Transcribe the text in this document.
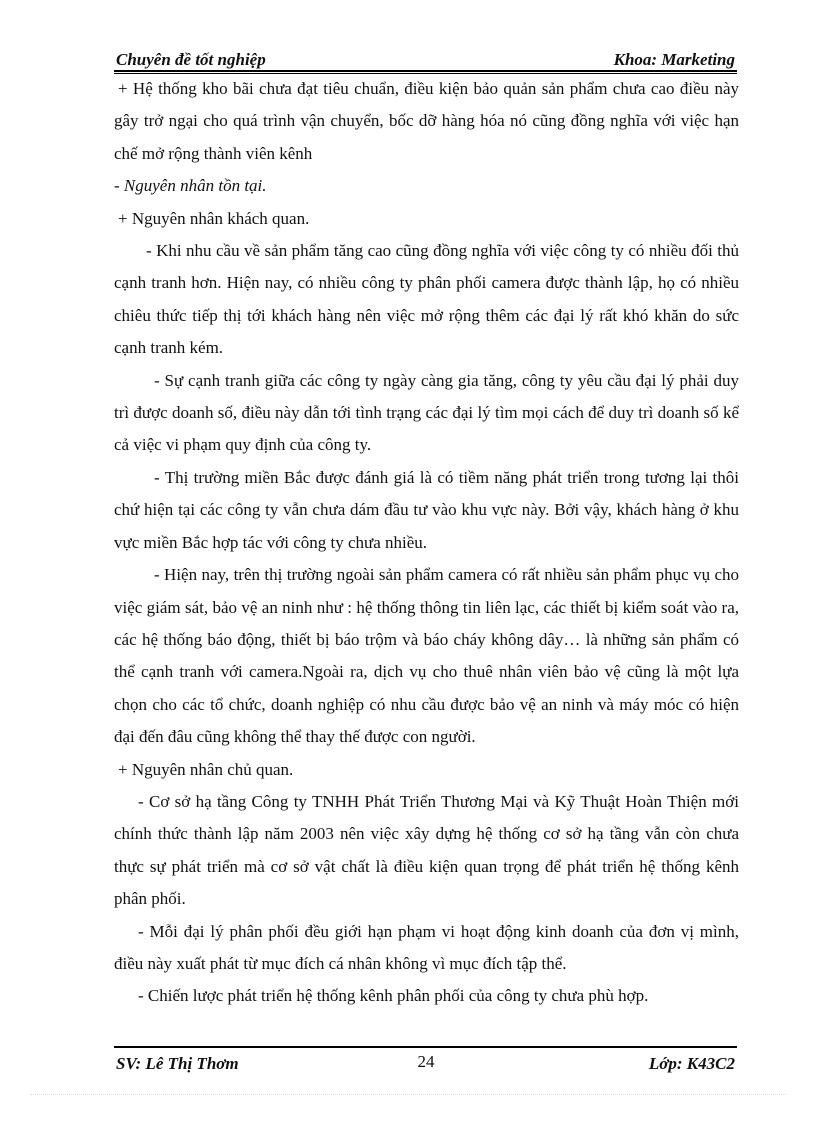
Chuyên đề tốt nghiệp	Khoa: Marketing

+ Hệ thống kho bãi chưa đạt tiêu chuẩn, điều kiện bảo quản sản phẩm chưa cao điều này gây trở ngại cho quá trình vận chuyển, bốc dỡ hàng hóa nó cũng đồng nghĩa với việc hạn chế mở rộng thành viên kênh

- Nguyên nhân tồn tại.

+ Nguyên nhân khách quan.

- Khi nhu cầu về sản phẩm tăng cao cũng đồng nghĩa với việc công ty có nhiều đối thủ cạnh tranh hơn. Hiện nay, có nhiều công ty phân phối camera được thành lập, họ có nhiều chiêu thức tiếp thị tới khách hàng nên việc mở rộng thêm các đại lý rất khó khăn do sức cạnh tranh kém.

- Sự cạnh tranh giữa các công ty ngày càng gia tăng, công ty yêu cầu đại lý phải duy trì được doanh số, điều này dẫn tới tình trạng các đại lý tìm mọi cách để duy trì doanh số kể cả việc vi phạm quy định của công ty.

- Thị trường miền Bắc được đánh giá là có tiềm năng phát triển trong tương lại thôi chứ hiện tại các công ty vẫn chưa dám đầu tư vào khu vực này. Bởi vậy, khách hàng ở khu vực miền Bắc hợp tác với công ty chưa nhiều.

- Hiện nay, trên thị trường ngoài sản phẩm camera có rất nhiều sản phẩm phục vụ cho việc giám sát, bảo vệ an ninh như : hệ thống thông tin liên lạc, các thiết bị kiểm soát vào ra, các hệ thống báo động, thiết bị báo trộm và báo cháy không dây… là những sản phẩm có thể cạnh tranh với camera.Ngoài ra, dịch vụ cho thuê nhân viên bảo vệ cũng là một lựa chọn cho các tổ chức, doanh nghiệp có nhu cầu được bảo vệ an ninh và máy móc có hiện đại đến đâu cũng không thể thay thế được con người.

+ Nguyên nhân chủ quan.

- Cơ sở hạ tầng Công ty TNHH Phát Triển Thương Mại và Kỹ Thuật Hoàn Thiện mới chính thức thành lập năm 2003 nên việc xây dựng hệ thống cơ sở hạ tầng vẫn còn chưa thực sự phát triển mà cơ sở vật chất là điều kiện quan trọng để phát triển hệ thống kênh phân phối.

- Mỗi đại lý phân phối đều giới hạn phạm vi hoạt động kinh doanh của đơn vị mình, điều này xuất phát từ mục đích cá nhân không vì mục đích tập thể.

- Chiến lược phát triển hệ thống kênh phân phối của công ty chưa phù hợp.

SV: Lê Thị Thơm	24	Lớp: K43C2
